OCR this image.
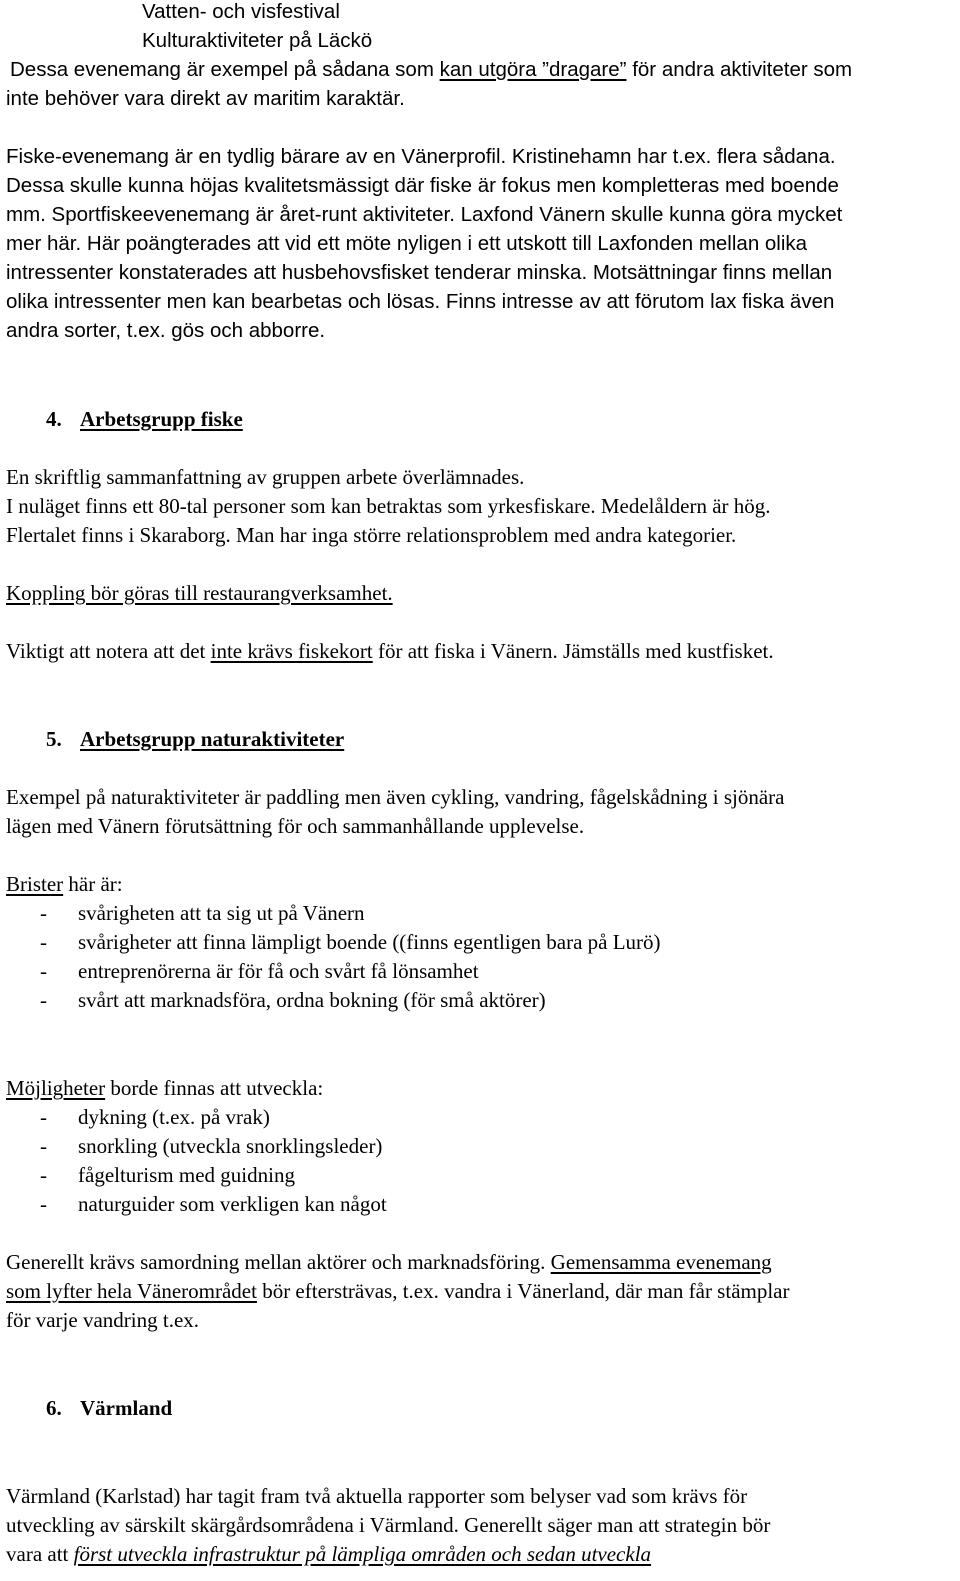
Vatten- och visfestival
Kulturaktiviteter på Läckö
Dessa evenemang är exempel på sådana som kan utgöra ”dragare” för andra aktiviteter som
inte behöver vara direkt av maritim karaktär.
Fiske-evenemang är en tydlig bärare av en Vänerprofil. Kristinehamn har t.ex. flera sådana.
Dessa skulle kunna höjas kvalitetsmässigt där fiske är fokus men kompletteras med boende
mm. Sportfiskeevenemang är året-runt aktiviteter. Laxfond Vänern skulle kunna göra mycket
mer här. Här poängterades att vid ett möte nyligen i ett utskott till Laxfonden mellan olika
intressenter konstaterades att husbehovsfisket tenderar minska. Motsättningar finns mellan
olika intressenter men kan bearbetas och lösas. Finns intresse av att förutom lax fiska även
andra sorter, t.ex. gös och abborre.
4. Arbetsgrupp fiske
En skriftlig sammanfattning av gruppen arbete överlämnades.
I nuläget finns ett 80-tal personer som kan betraktas som yrkesfiskare. Medelåldern är hög.
Flertalet finns i Skaraborg. Man har inga större relationsproblem med andra kategorier.
Koppling bör göras till restaurangverksamhet.
Viktigt att notera att det inte krävs fiskekort för att fiska i Vänern. Jämställs med kustfisket.
5. Arbetsgrupp naturaktiviteter
Exempel på naturaktiviteter är paddling men även cykling, vandring, fågelskådning i sjönära
lägen med Vänern förutsättning för och sammanhållande upplevelse.
Brister här är:
- svårigheten att ta sig ut på Vänern
- svårigheter att finna lämpligt boende ((finns egentligen bara på Lurö)
- entreprenörerna är för få och svårt få lönsamhet
- svårt att marknadsföra, ordna bokning (för små aktörer)
Möjligheter borde finnas att utveckla:
- dykning (t.ex. på vrak)
- snorkling (utveckla snorklingsleder)
- fågelturism med guidning
- naturguider som verkligen kan något
Generellt krävs samordning mellan aktörer och marknadsföring. Gemensamma evenemang
som lyfter hela Vänerområdet bör eftersträvas, t.ex. vandra i Vänerland, där man får stämplar
för varje vandring t.ex.
6. Värmland
Värmland (Karlstad) har tagit fram två aktuella rapporter som belyser vad som krävs för
utveckling av särskilt skärgårdsområdena i Värmland. Generellt säger man att strategin bör
vara att först utveckla infrastruktur på lämpliga områden och sedan utveckla
